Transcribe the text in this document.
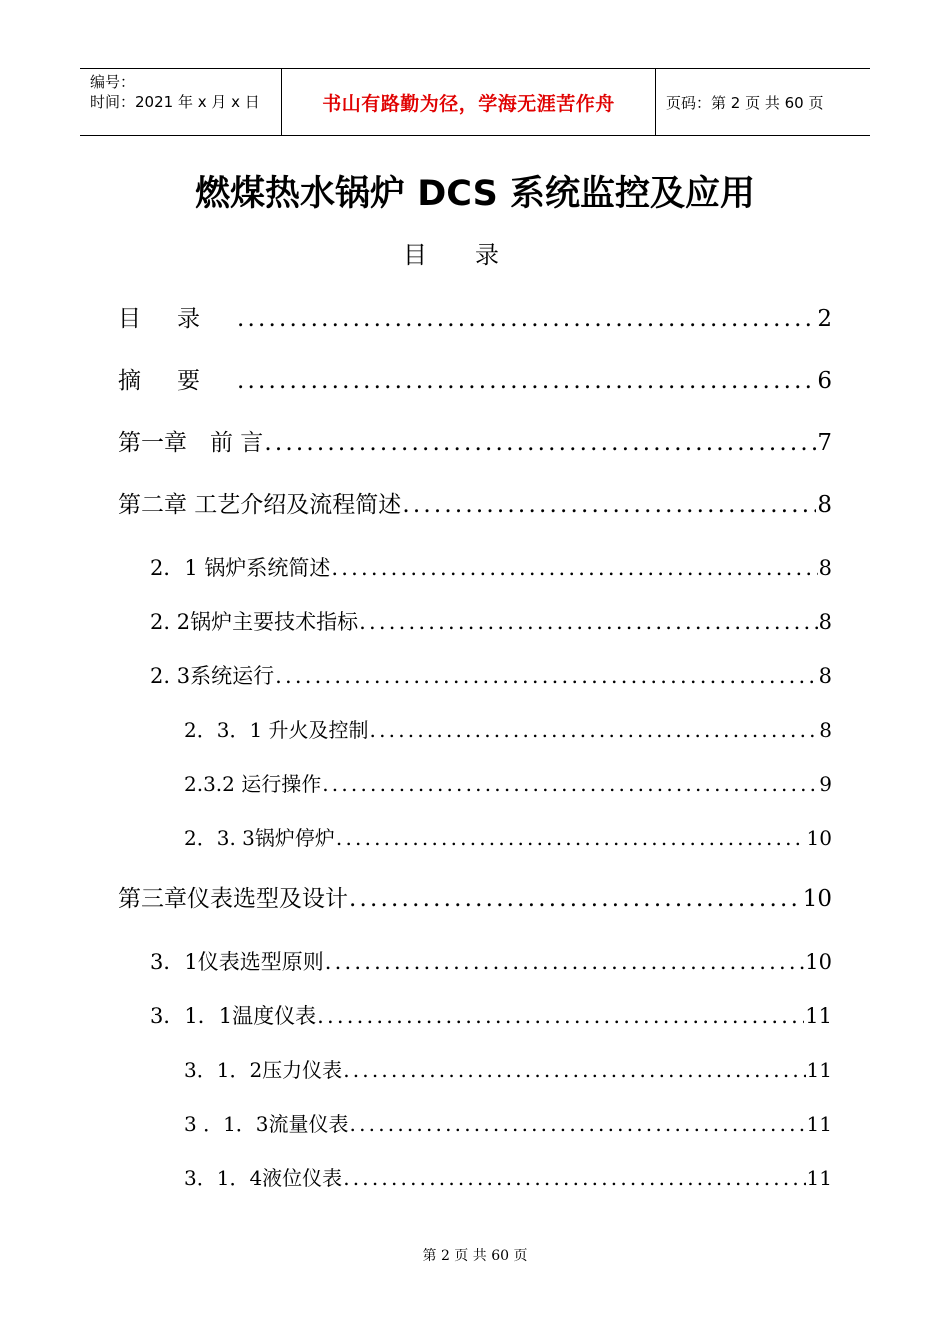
编号：
时间：2021 年 x 月 x 日	书山有路勤为径，学海无涯苦作舟	页码：第 2 页 共 60 页
燃煤热水锅炉 DCS 系统监控及应用
目录
目录 .....	2
摘要 .....	6
第一章　前 言 .....	7
第二章 工艺介绍及流程简述 .....	8
2．1 锅炉系统简述 .....	8
2. 2锅炉主要技术指标 .....	8
2. 3系统运行 .....	8
2．3．1 升火及控制 .....	8
2.3.2 运行操作 .....	9
2．3. 3锅炉停炉 .....	10
第三章仪表选型及设计 .....	10
3．1仪表选型原则 .....	10
3．1．1温度仪表 .....	11
3．1．2压力仪表 .....	11
3 ．1．3流量仪表 .....	11
3．1．4液位仪表 .....	11
第 2 页 共 60 页
